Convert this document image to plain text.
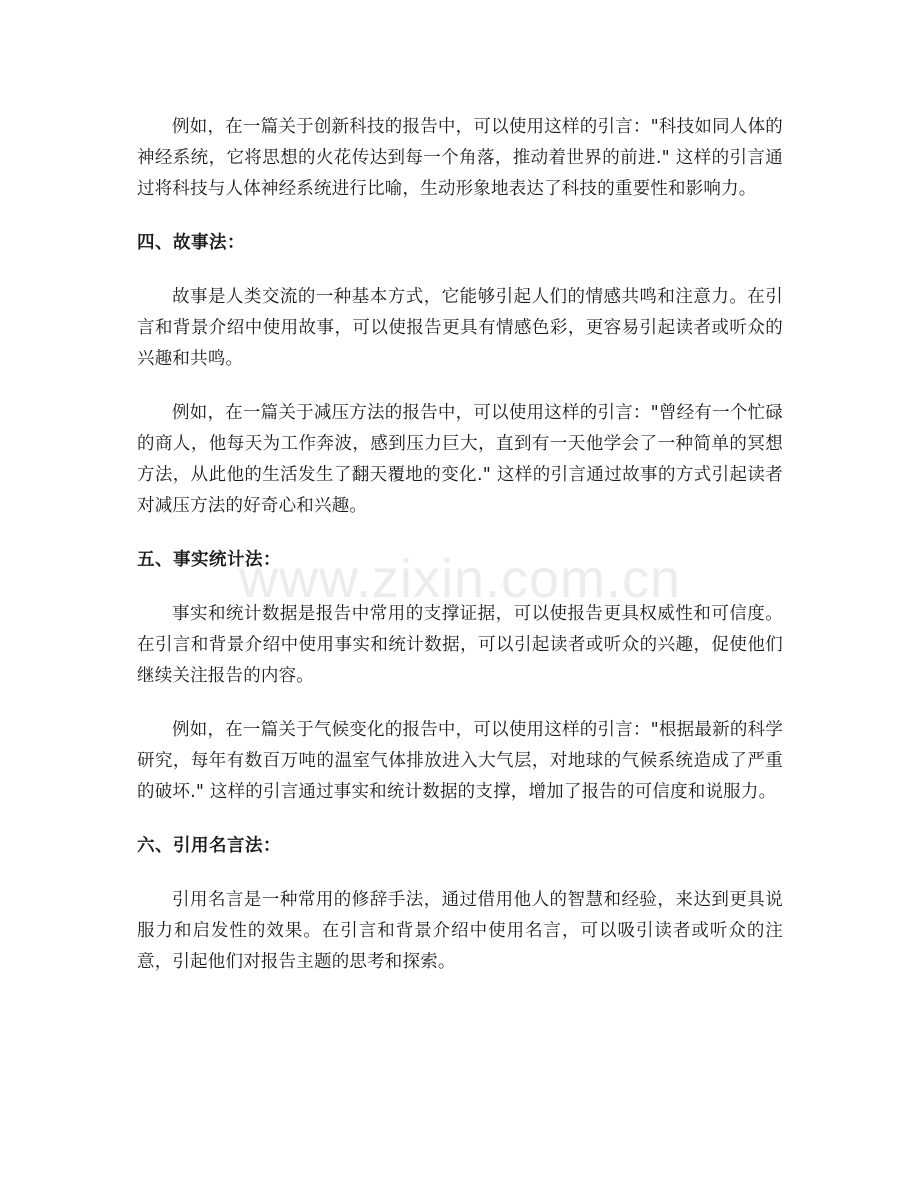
例如，在一篇关于创新科技的报告中，可以使用这样的引言："科技如同人体的神经系统，它将思想的火花传达到每一个角落，推动着世界的前进." 这样的引言通过将科技与人体神经系统进行比喻，生动形象地表达了科技的重要性和影响力。

四、故事法：

故事是人类交流的一种基本方式，它能够引起人们的情感共鸣和注意力。在引言和背景介绍中使用故事，可以使报告更具有情感色彩，更容易引起读者或听众的兴趣和共鸣。

例如，在一篇关于减压方法的报告中，可以使用这样的引言："曾经有一个忙碌的商人，他每天为工作奔波，感到压力巨大，直到有一天他学会了一种简单的冥想方法，从此他的生活发生了翻天覆地的变化." 这样的引言通过故事的方式引起读者对减压方法的好奇心和兴趣。

五、事实统计法：

事实和统计数据是报告中常用的支撑证据，可以使报告更具权威性和可信度。在引言和背景介绍中使用事实和统计数据，可以引起读者或听众的兴趣，促使他们继续关注报告的内容。

例如，在一篇关于气候变化的报告中，可以使用这样的引言："根据最新的科学研究，每年有数百万吨的温室气体排放进入大气层，对地球的气候系统造成了严重的破坏." 这样的引言通过事实和统计数据的支撑，增加了报告的可信度和说服力。

六、引用名言法：

引用名言是一种常用的修辞手法，通过借用他人的智慧和经验，来达到更具说服力和启发性的效果。在引言和背景介绍中使用名言，可以吸引读者或听众的注意，引起他们对报告主题的思考和探索。

www.zixin.com.cn
